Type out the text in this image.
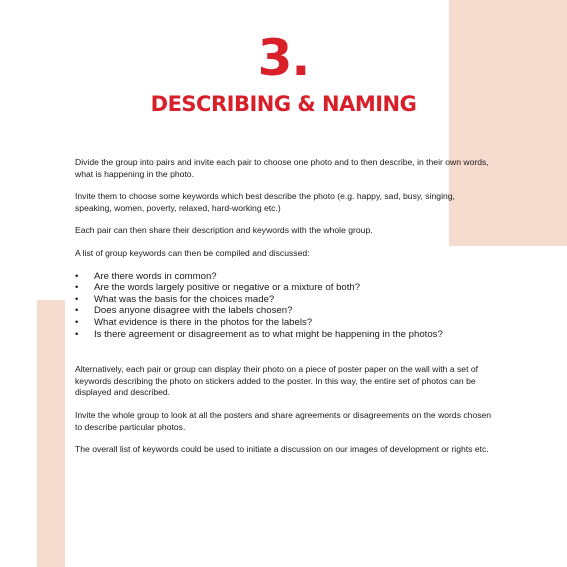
3.
DESCRIBING & NAMING

Divide the group into pairs and invite each pair to choose one photo and to then describe, in their own words, what is happening in the photo.

Invite them to choose some keywords which best describe the photo (e.g. happy, sad, busy, singing, speaking, women, poverty, relaxed, hard-working etc.)

Each pair can then share their description and keywords with the whole group.

A list of group keywords can then be compiled and discussed:

• Are there words in common?
• Are the words largely positive or negative or a mixture of both?
• What was the basis for the choices made?
• Does anyone disagree with the labels chosen?
• What evidence is there in the photos for the labels?
• Is there agreement or disagreement as to what might be happening in the photos?

Alternatively, each pair or group can display their photo on a piece of poster paper on the wall with a set of keywords describing the photo on stickers added to the poster. In this way, the entire set of photos can be displayed and described.

Invite the whole group to look at all the posters and share agreements or disagreements on the words chosen to describe particular photos.

The overall list of keywords could be used to initiate a discussion on our images of development or rights etc.
